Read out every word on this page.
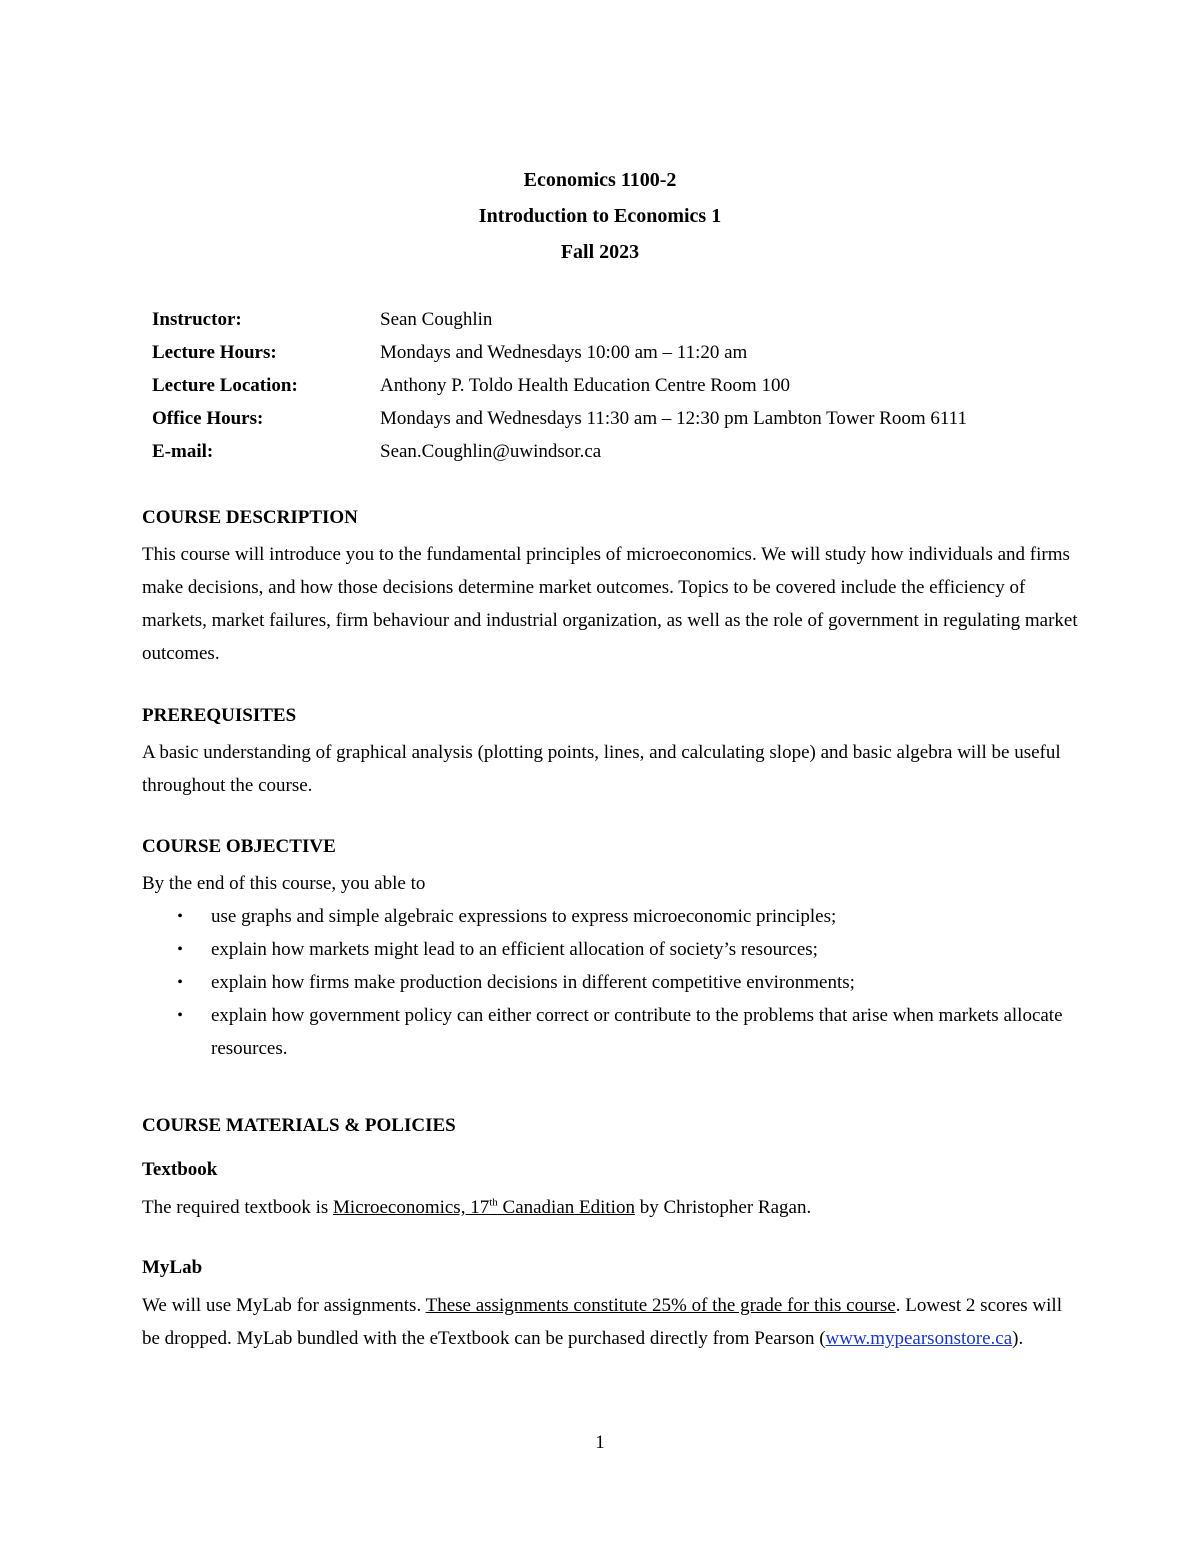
Economics 1100-2
Introduction to Economics 1
Fall 2023
Instructor:	Sean Coughlin
Lecture Hours:	Mondays and Wednesdays 10:00 am – 11:20 am
Lecture Location:	Anthony P. Toldo Health Education Centre Room 100
Office Hours:	Mondays and Wednesdays 11:30 am – 12:30 pm Lambton Tower Room 6111
E-mail:	Sean.Coughlin@uwindsor.ca
COURSE DESCRIPTION
This course will introduce you to the fundamental principles of microeconomics. We will study how individuals and firms make decisions, and how those decisions determine market outcomes. Topics to be covered include the efficiency of markets, market failures, firm behaviour and industrial organization, as well as the role of government in regulating market outcomes.
PREREQUISITES
A basic understanding of graphical analysis (plotting points, lines, and calculating slope) and basic algebra will be useful throughout the course.
COURSE OBJECTIVE
By the end of this course, you able to
• use graphs and simple algebraic expressions to express microeconomic principles;
• explain how markets might lead to an efficient allocation of society’s resources;
• explain how firms make production decisions in different competitive environments;
• explain how government policy can either correct or contribute to the problems that arise when markets allocate resources.
COURSE MATERIALS & POLICIES
Textbook
The required textbook is Microeconomics, 17th Canadian Edition by Christopher Ragan.
MyLab
We will use MyLab for assignments. These assignments constitute 25% of the grade for this course. Lowest 2 scores will be dropped. MyLab bundled with the eTextbook can be purchased directly from Pearson (www.mypearsonstore.ca).
1
